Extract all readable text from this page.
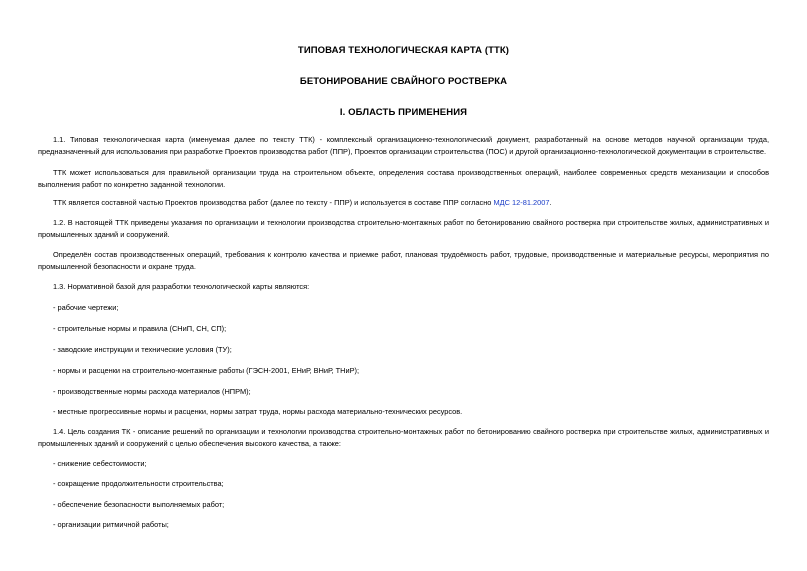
ТИПОВАЯ ТЕХНОЛОГИЧЕСКАЯ КАРТА (ТТК)
БЕТОНИРОВАНИЕ СВАЙНОГО РОСТВЕРКА
I. ОБЛАСТЬ ПРИМЕНЕНИЯ
1.1. Типовая технологическая карта (именуемая далее по тексту ТТК) - комплексный организационно-технологический документ, разработанный на основе методов научной организации труда, предназначенный для использования при разработке Проектов производства работ (ППР), Проектов организации строительства (ПОС) и другой организационно-технологической документации в строительстве.
ТТК может использоваться для правильной организации труда на строительном объекте, определения состава производственных операций, наиболее современных средств механизации и способов выполнения работ по конкретно заданной технологии.
ТТК является составной частью Проектов производства работ (далее по тексту - ППР) и используется в составе ППР согласно МДС 12-81.2007.
1.2. В настоящей ТТК приведены указания по организации и технологии производства строительно-монтажных работ по бетонированию свайного ростверка при строительстве жилых, административных и промышленных зданий и сооружений.
Определён состав производственных операций, требования к контролю качества и приемке работ, плановая трудоёмкость работ, трудовые, производственные и материальные ресурсы, мероприятия по промышленной безопасности и охране труда.
1.3. Нормативной базой для разработки технологической карты являются:
- рабочие чертежи;
- строительные нормы и правила (СНиП, СН, СП);
- заводские инструкции и технические условия (ТУ);
- нормы и расценки на строительно-монтажные работы (ГЭСН-2001, ЕНиР, ВНиР, ТНиР);
- производственные нормы расхода материалов (НПРМ);
- местные прогрессивные нормы и расценки, нормы затрат труда, нормы расхода материально-технических ресурсов.
1.4. Цель создания ТК - описание решений по организации и технологии производства строительно-монтажных работ по бетонированию свайного ростверка при строительстве жилых, административных и промышленных зданий и сооружений с целью обеспечения высокого качества, а также:
- снижение себестоимости;
- сокращение продолжительности строительства;
- обеспечение безопасности выполняемых работ;
- организации ритмичной работы;
